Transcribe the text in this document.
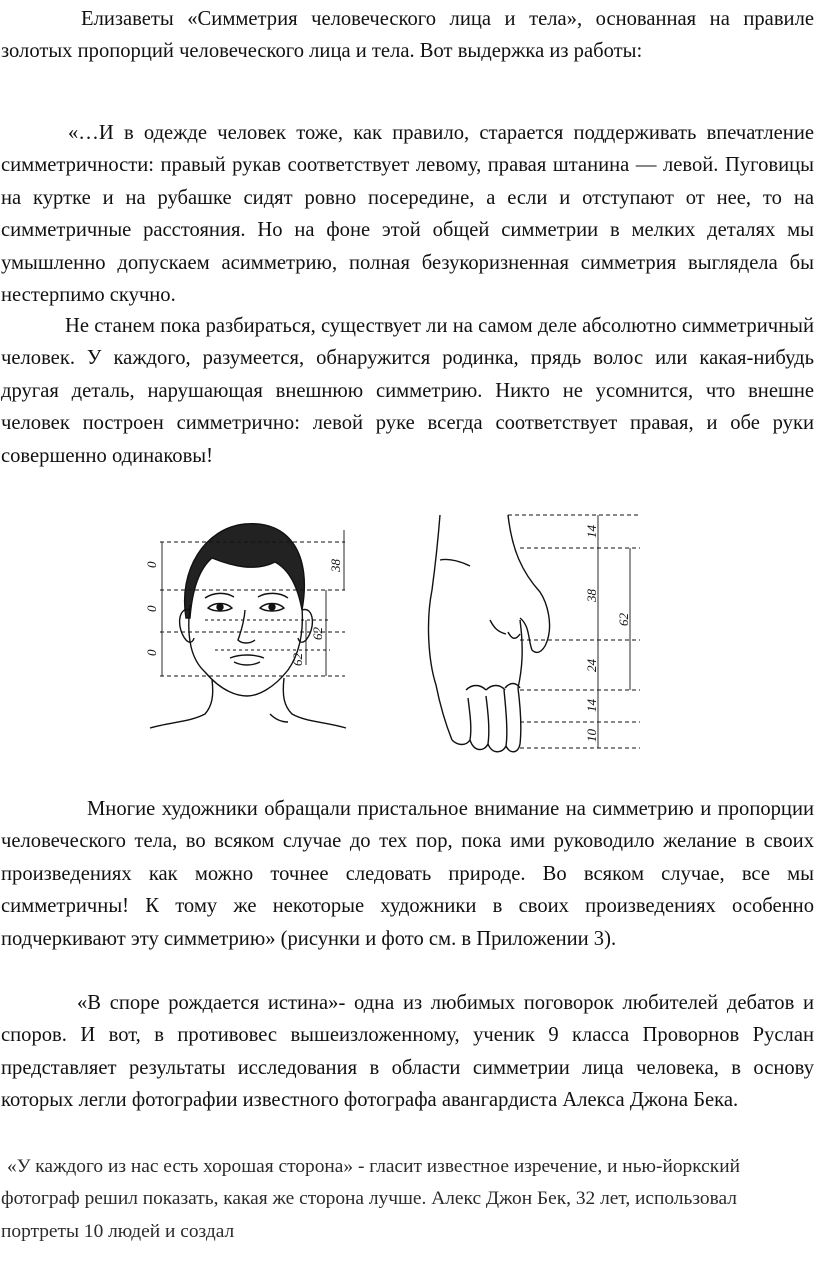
Елизаветы «Симметрия человеческого лица и тела», основанная на правиле золотых пропорций человеческого лица и тела. Вот выдержка из работы:

«…И в одежде человек тоже, как правило, старается поддерживать впечатление симметричности: правый рукав соответствует левому, правая штанина — левой. Пуговицы на куртке и на рубашке сидят ровно посередине, а если и отступают от нее, то на симметричные расстояния. Но на фоне этой общей симметрии в мелких деталях мы умышленно допускаем асимметрию, полная безукоризненная симметрия выглядела бы нестерпимо скучно.

Не станем пока разбираться, существует ли на самом деле абсолютно симметричный человек. У каждого, разумеется, обнаружится родинка, прядь волос или какая-нибудь другая деталь, нарушающая внешнюю симметрию. Никто не усомнится, что внешне человек построен симметрично: левой руке всегда соответствует правая, и обе руки совершенно одинаковы!

0
0
0
38
62
62
14
38
62
24
14
10

Многие художники обращали пристальное внимание на симметрию и пропорции человеческого тела, во всяком случае до тех пор, пока ими руководило желание в своих произведениях как можно точнее следовать природе. Во всяком случае, все мы симметричны! К тому же некоторые художники в своих произведениях особенно подчеркивают эту симметрию» (рисунки и фото см. в Приложении 3).

«В споре рождается истина»- одна из любимых поговорок любителей дебатов и споров. И вот, в противовес вышеизложенному, ученик 9 класса Проворнов Руслан представляет результаты исследования в области симметрии лица человека, в основу которых легли фотографии известного фотографа авангардиста Алекса Джона Бека.

«У каждого из нас есть хорошая сторона» - гласит известное изречение, и нью-йоркский фотограф решил показать, какая же сторона лучше. Алекс Джон Бек, 32 лет, использовал портреты 10 людей и создал
